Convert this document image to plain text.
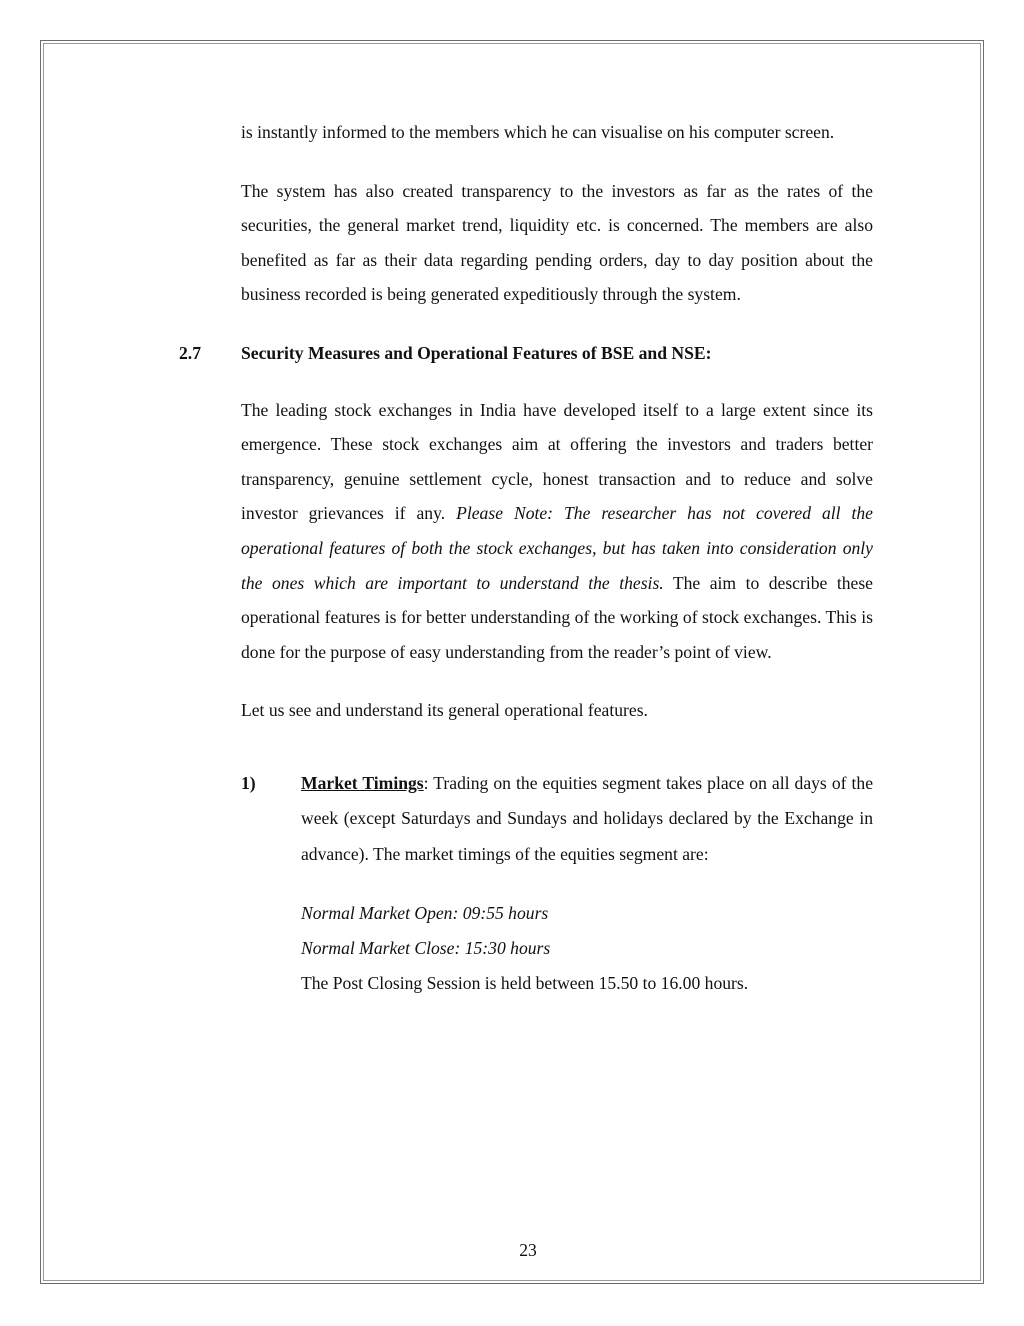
is instantly informed to the members which he can visualise on his computer screen.

The system has also created transparency to the investors as far as the rates of the securities, the general market trend, liquidity etc. is concerned. The members are also benefited as far as their data regarding pending orders, day to day position about the business recorded is being generated expeditiously through the system.

2.7 Security Measures and Operational Features of BSE and NSE:

The leading stock exchanges in India have developed itself to a large extent since its emergence. These stock exchanges aim at offering the investors and traders better transparency, genuine settlement cycle, honest transaction and to reduce and solve investor grievances if any. Please Note: The researcher has not covered all the operational features of both the stock exchanges, but has taken into consideration only the ones which are important to understand the thesis. The aim to describe these operational features is for better understanding of the working of stock exchanges. This is done for the purpose of easy understanding from the reader’s point of view.

Let us see and understand its general operational features.

1)	Market Timings: Trading on the equities segment takes place on all days of the week (except Saturdays and Sundays and holidays declared by the Exchange in advance). The market timings of the equities segment are:

Normal Market Open: 09:55 hours
Normal Market Close: 15:30 hours
The Post Closing Session is held between 15.50 to 16.00 hours.
23
